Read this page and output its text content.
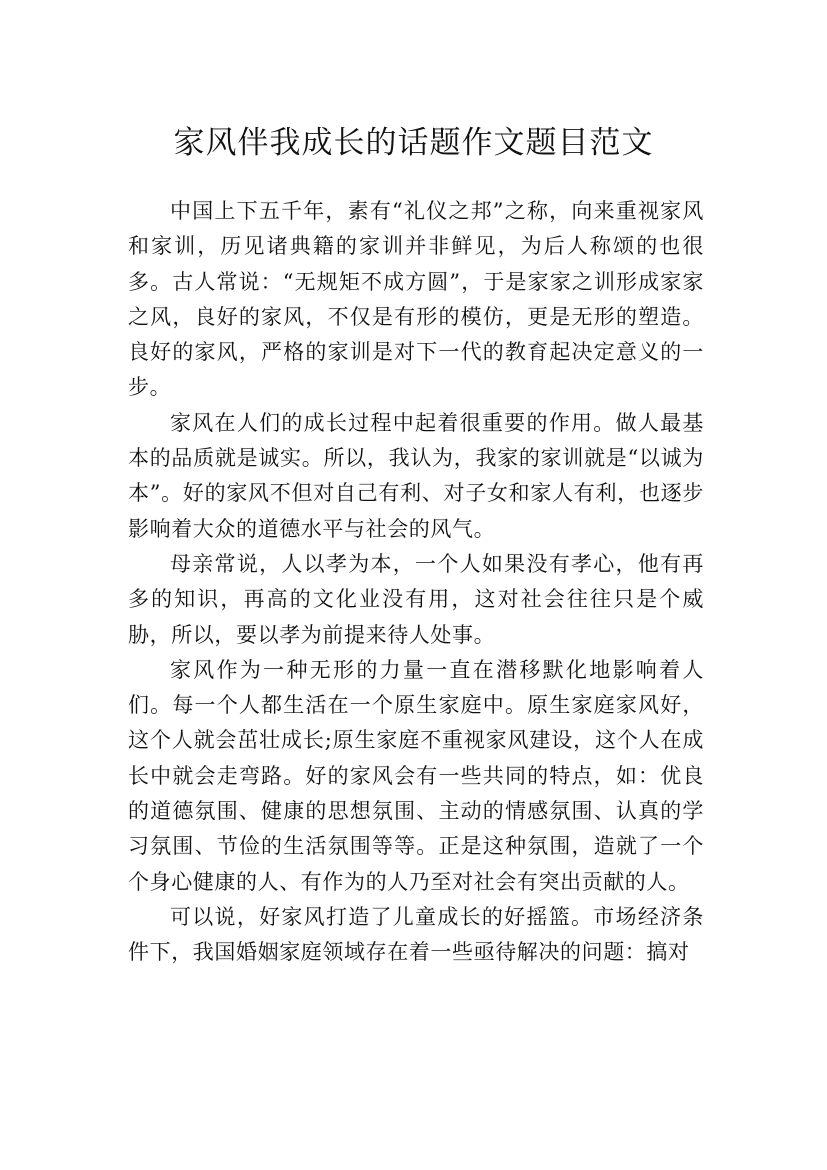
家风伴我成长的话题作文题目范文

中国上下五千年，素有“礼仪之邦”之称，向来重视家风和家训，历见诸典籍的家训并非鲜见，为后人称颂的也很多。古人常说：“无规矩不成方圆”，于是家家之训形成家家之风，良好的家风，不仅是有形的模仿，更是无形的塑造。良好的家风，严格的家训是对下一代的教育起决定意义的一步。

家风在人们的成长过程中起着很重要的作用。做人最基本的品质就是诚实。所以，我认为，我家的家训就是“以诚为本”。好的家风不但对自己有利、对子女和家人有利，也逐步影响着大众的道德水平与社会的风气。

母亲常说，人以孝为本，一个人如果没有孝心，他有再多的知识，再高的文化业没有用，这对社会往往只是个威胁，所以，要以孝为前提来待人处事。

家风作为一种无形的力量一直在潜移默化地影响着人们。每一个人都生活在一个原生家庭中。原生家庭家风好，这个人就会茁壮成长;原生家庭不重视家风建设，这个人在成长中就会走弯路。好的家风会有一些共同的特点，如：优良的道德氛围、健康的思想氛围、主动的情感氛围、认真的学习氛围、节俭的生活氛围等等。正是这种氛围，造就了一个个身心健康的人、有作为的人乃至对社会有突出贡献的人。

可以说，好家风打造了儿童成长的好摇篮。市场经济条件下，我国婚姻家庭领域存在着一些亟待解决的问题：搞对
